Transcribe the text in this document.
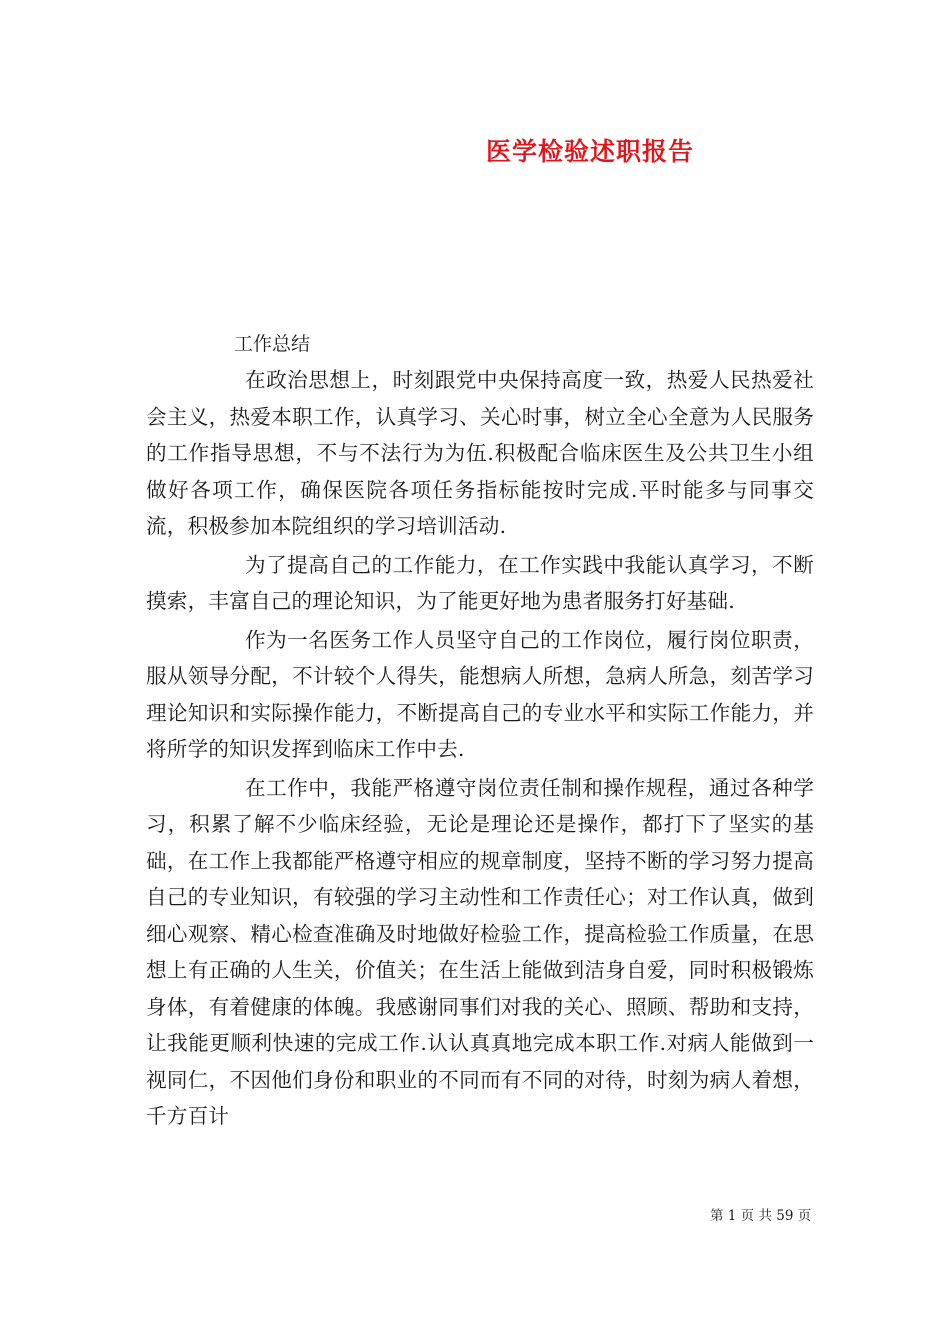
医学检验述职报告
工作总结

在政治思想上，时刻跟党中央保持高度一致，热爱人民热爱社会主义，热爱本职工作，认真学习、关心时事，树立全心全意为人民服务的工作指导思想，不与不法行为为伍.积极配合临床医生及公共卫生小组做好各项工作，确保医院各项任务指标能按时完成.平时能多与同事交流，积极参加本院组织的学习培训活动.

为了提高自己的工作能力，在工作实践中我能认真学习，不断摸索，丰富自己的理论知识，为了能更好地为患者服务打好基础.

作为一名医务工作人员坚守自己的工作岗位，履行岗位职责，服从领导分配，不计较个人得失，能想病人所想，急病人所急，刻苦学习理论知识和实际操作能力，不断提高自己的专业水平和实际工作能力，并将所学的知识发挥到临床工作中去.

在工作中，我能严格遵守岗位责任制和操作规程，通过各种学习，积累了解不少临床经验，无论是理论还是操作，都打下了坚实的基础，在工作上我都能严格遵守相应的规章制度，坚持不断的学习努力提高自己的专业知识，有较强的学习主动性和工作责任心；对工作认真，做到细心观察、精心检查准确及时地做好检验工作，提高检验工作质量，在思想上有正确的人生关，价值关；在生活上能做到洁身自爱，同时积极锻炼身体，有着健康的体魄。我感谢同事们对我的关心、照顾、帮助和支持，让我能更顺利快速的完成工作.认认真真地完成本职工作.对病人能做到一视同仁，不因他们身份和职业的不同而有不同的对待，时刻为病人着想，千方百计

第 1 页 共 59 页
